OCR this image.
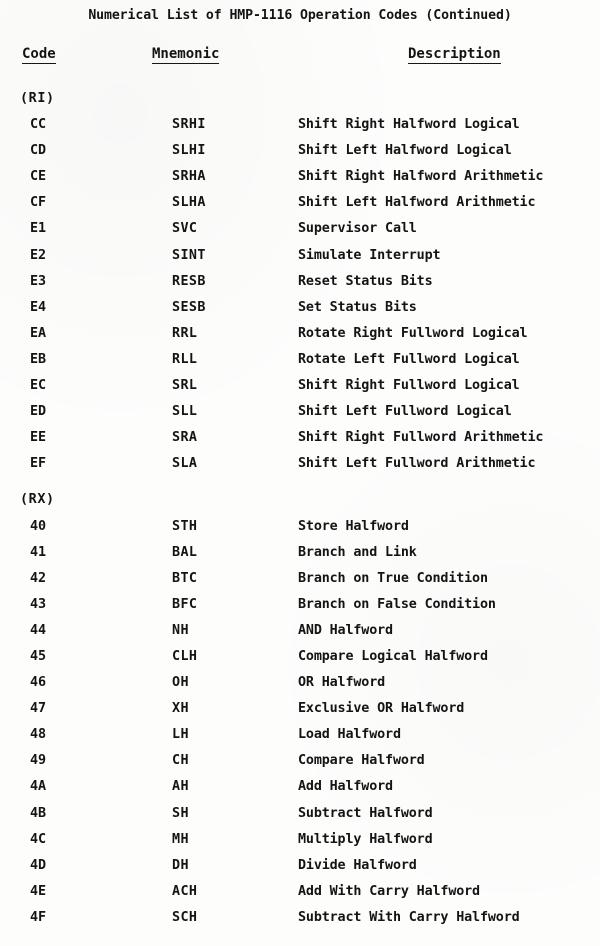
Numerical List of HMP-1116 Operation Codes (Continued)
Code	Mnemonic	Description
(RI)
CC	SRHI	Shift Right Halfword Logical
CD	SLHI	Shift Left Halfword Logical
CE	SRHA	Shift Right Halfword Arithmetic
CF	SLHA	Shift Left Halfword Arithmetic
E1	SVC	Supervisor Call
E2	SINT	Simulate Interrupt
E3	RESB	Reset Status Bits
E4	SESB	Set Status Bits
EA	RRL	Rotate Right Fullword Logical
EB	RLL	Rotate Left Fullword Logical
EC	SRL	Shift Right Fullword Logical
ED	SLL	Shift Left Fullword Logical
EE	SRA	Shift Right Fullword Arithmetic
EF	SLA	Shift Left Fullword Arithmetic
(RX)
40	STH	Store Halfword
41	BAL	Branch and Link
42	BTC	Branch on True Condition
43	BFC	Branch on False Condition
44	NH	AND Halfword
45	CLH	Compare Logical Halfword
46	OH	OR Halfword
47	XH	Exclusive OR Halfword
48	LH	Load Halfword
49	CH	Compare Halfword
4A	AH	Add Halfword
4B	SH	Subtract Halfword
4C	MH	Multiply Halfword
4D	DH	Divide Halfword
4E	ACH	Add With Carry Halfword
4F	SCH	Subtract With Carry Halfword
